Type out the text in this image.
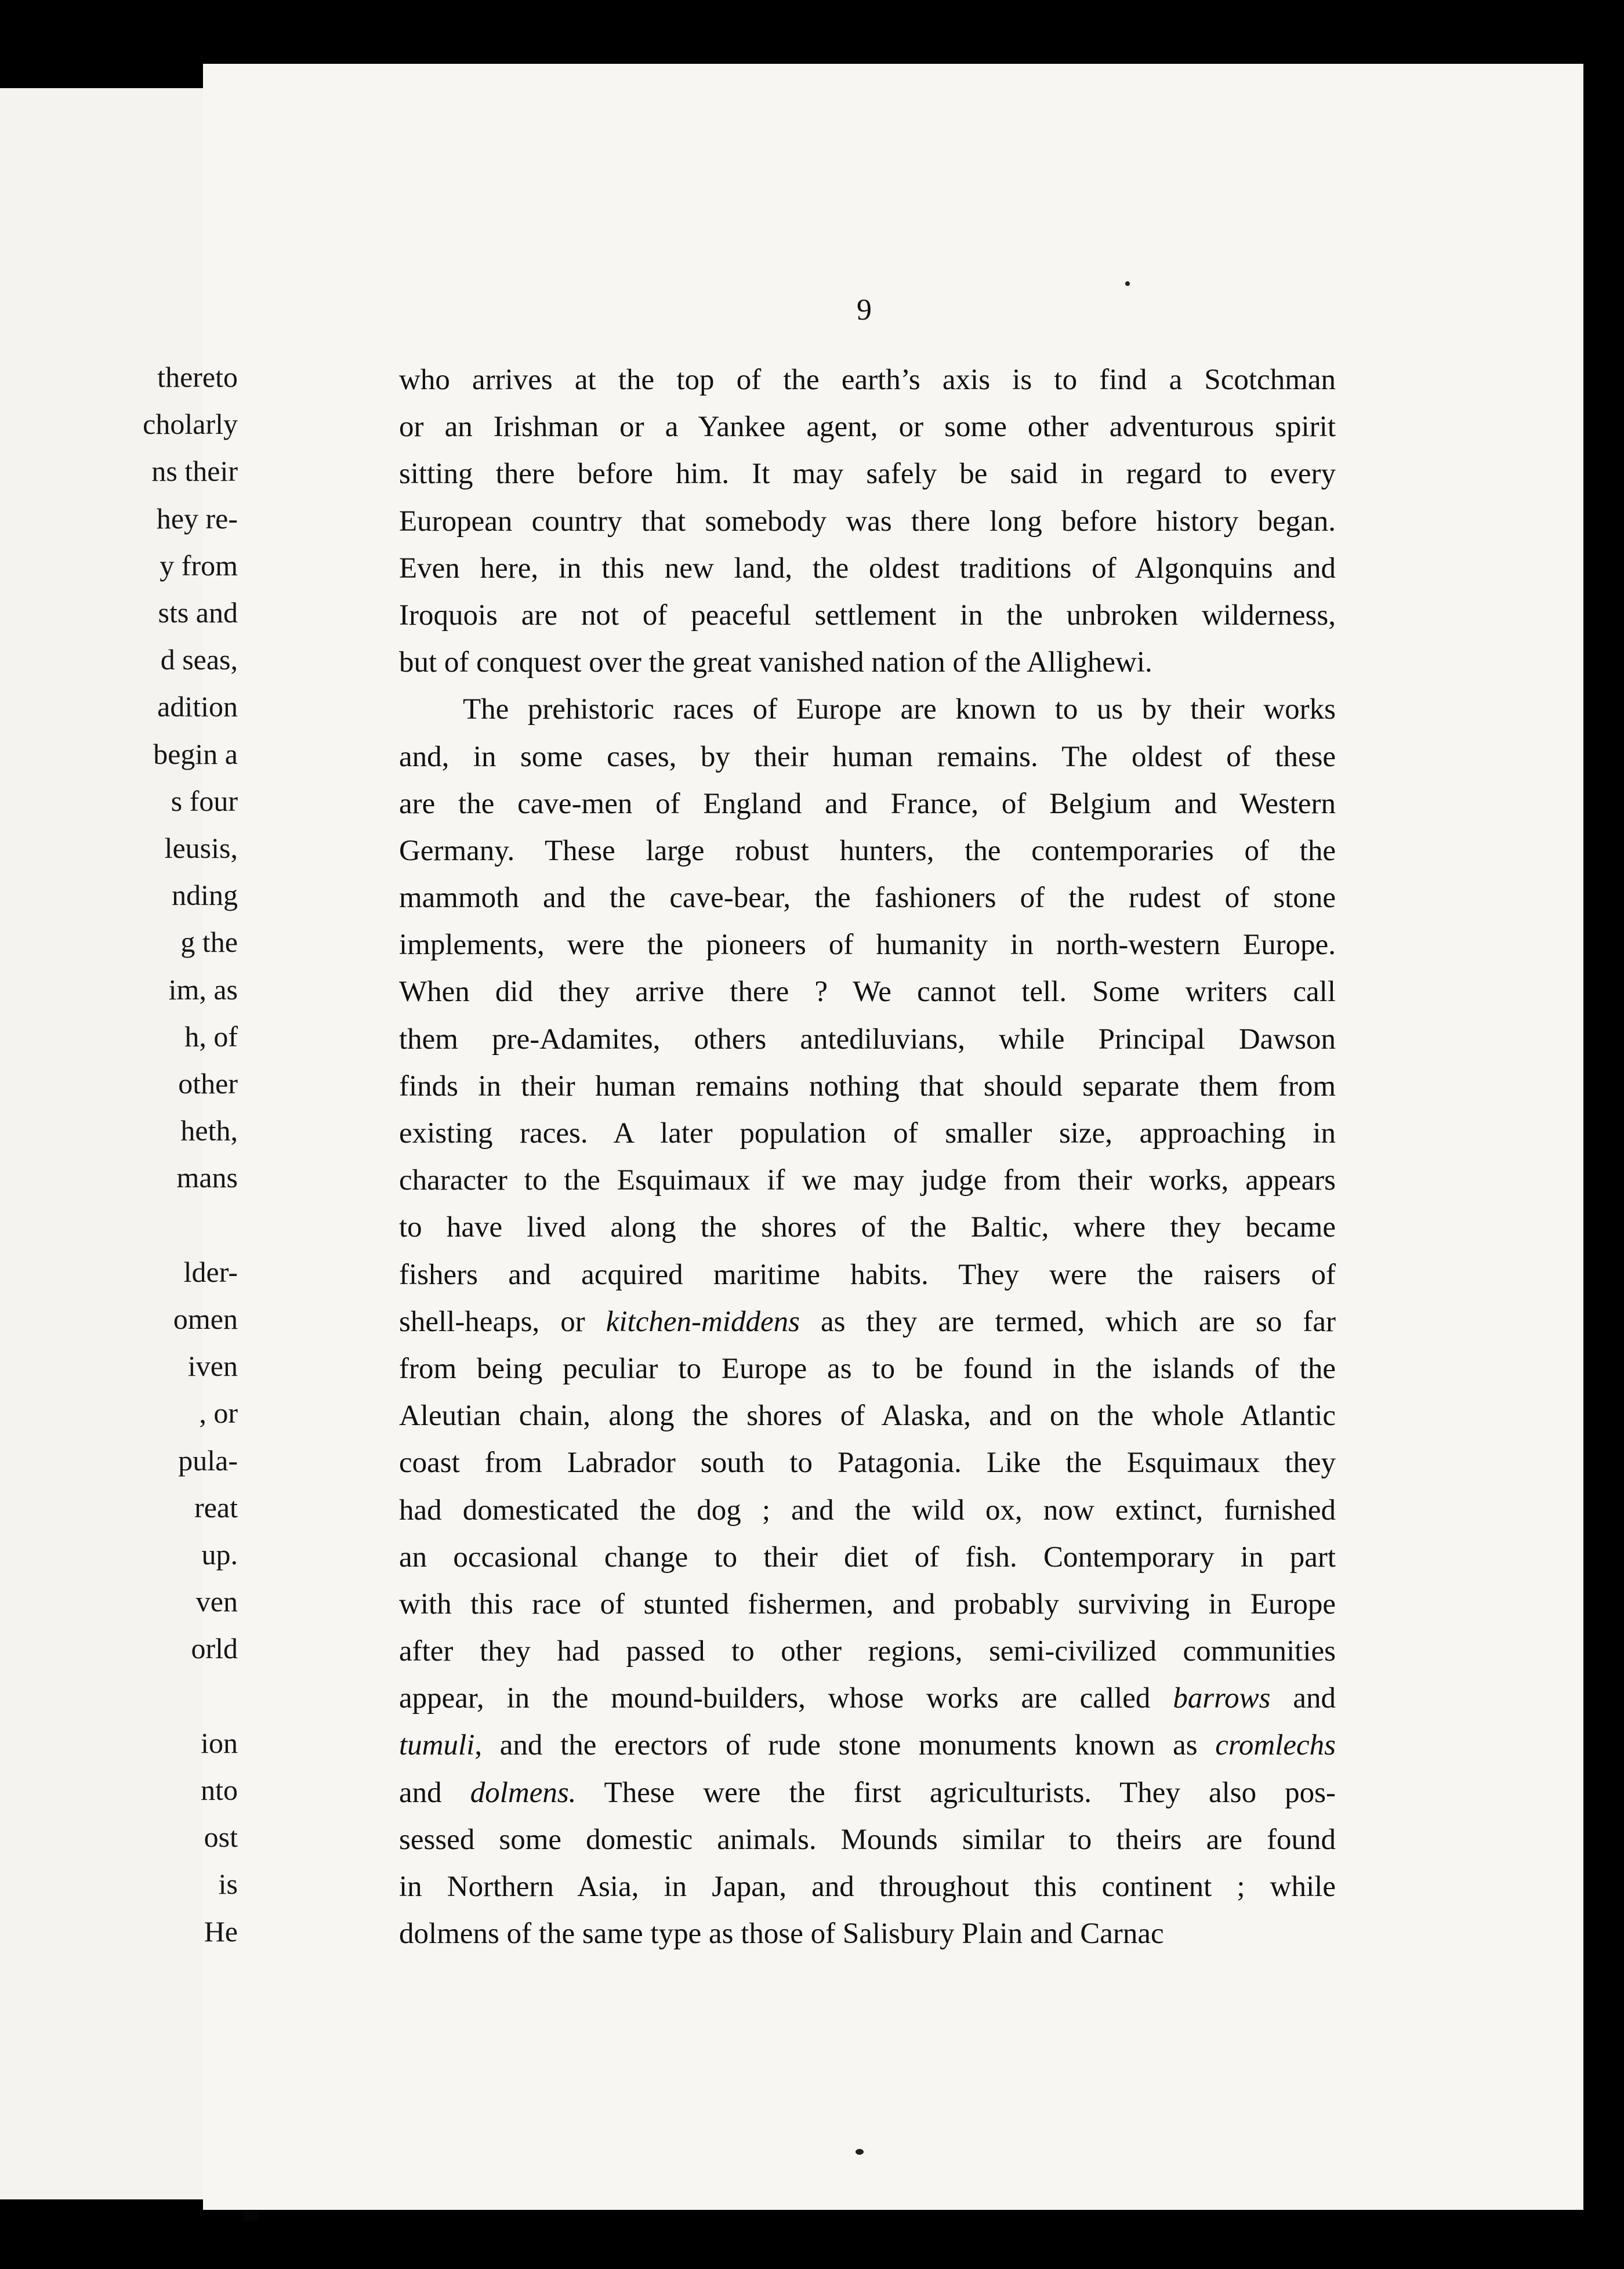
thereto
cholarly
ns their
hey re-
y from
sts and
d seas,
adition
begin a
s four
leusis,
nding
g the
im, as
h, of
other
heth,
mans
lder-
omen
iven
, or
pula-
reat
up.
ven
orld
ion
nto
ost
is
He
9
who arrives at the top of the earth’s axis is to find a Scotchman
or an Irishman or a Yankee agent, or some other adventurous spirit
sitting there before him. It may safely be said in regard to every
European country that somebody was there long before history began.
Even here, in this new land, the oldest traditions of Algonquins and
Iroquois are not of peaceful settlement in the unbroken wilderness,
but of conquest over the great vanished nation of the Allighewi.
The prehistoric races of Europe are known to us by their works
and, in some cases, by their human remains. The oldest of these
are the cave-men of England and France, of Belgium and Western
Germany. These large robust hunters, the contemporaries of the
mammoth and the cave-bear, the fashioners of the rudest of stone
implements, were the pioneers of humanity in north-western Europe.
When did they arrive there ? We cannot tell. Some writers call
them pre-Adamites, others antediluvians, while Principal Dawson
finds in their human remains nothing that should separate them from
existing races. A later population of smaller size, approaching in
character to the Esquimaux if we may judge from their works, appears
to have lived along the shores of the Baltic, where they became
fishers and acquired maritime habits. They were the raisers of
shell-heaps, or kitchen-middens as they are termed, which are so far
from being peculiar to Europe as to be found in the islands of the
Aleutian chain, along the shores of Alaska, and on the whole Atlantic
coast from Labrador south to Patagonia. Like the Esquimaux they
had domesticated the dog ; and the wild ox, now extinct, furnished
an occasional change to their diet of fish. Contemporary in part
with this race of stunted fishermen, and probably surviving in Europe
after they had passed to other regions, semi-civilized communities
appear, in the mound-builders, whose works are called barrows and
tumuli, and the erectors of rude stone monuments known as cromlechs
and dolmens. These were the first agriculturists. They also pos-
sessed some domestic animals. Mounds similar to theirs are found
in Northern Asia, in Japan, and throughout this continent ; while
dolmens of the same type as those of Salisbury Plain and Carnac
